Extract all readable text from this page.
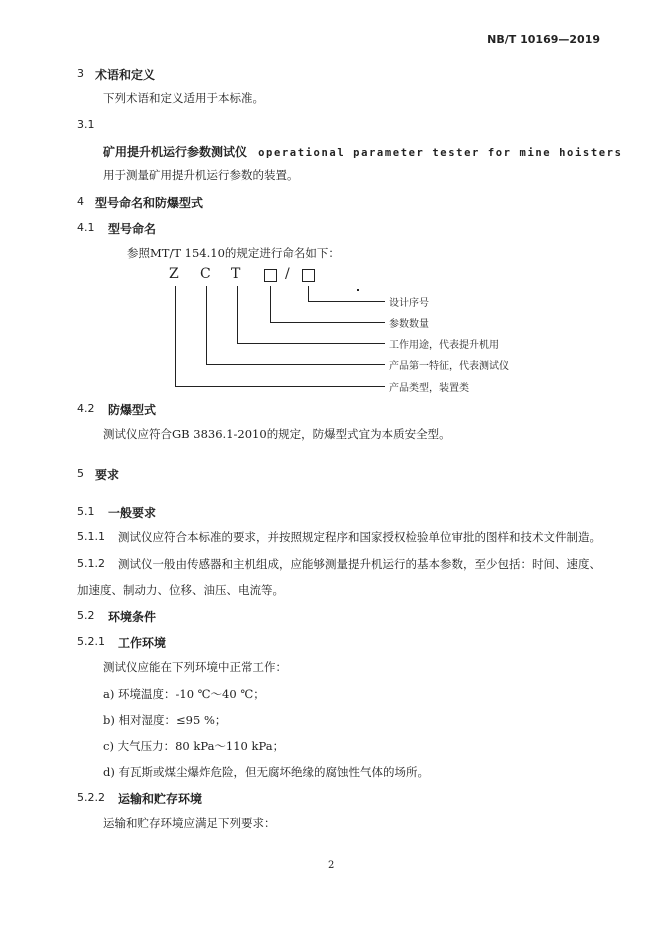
NB/T 10169—2019
3 术语和定义
下列术语和定义适用于本标准。
3.1
矿用提升机运行参数测试仪 operational parameter tester for mine hoisters
用于测量矿用提升机运行参数的装置。
4 型号命名和防爆型式
4.1 型号命名
参照MT/T 154.10的规定进行命名如下：
Z C T	/
设计序号
参数数量
工作用途，代表提升机用
产品第一特征，代表测试仪
产品类型，装置类
4.2 防爆型式
测试仪应符合GB 3836.1-2010的规定，防爆型式宜为本质安全型。
5 要求
5.1 一般要求
5.1.1 测试仪应符合本标准的要求，并按照规定程序和国家授权检验单位审批的图样和技术文件制造。
5.1.2 测试仪一般由传感器和主机组成，应能够测量提升机运行的基本参数，至少包括：时间、速度、
加速度、制动力、位移、油压、电流等。
5.2 环境条件
5.2.1 工作环境
测试仪应能在下列环境中正常工作：
a) 环境温度：-10 ℃～40 ℃；
b) 相对湿度：≤95 %；
c) 大气压力：80 kPa～110 kPa；
d) 有瓦斯或煤尘爆炸危险，但无腐坏绝缘的腐蚀性气体的场所。
5.2.2 运输和贮存环境
运输和贮存环境应满足下列要求：
2
